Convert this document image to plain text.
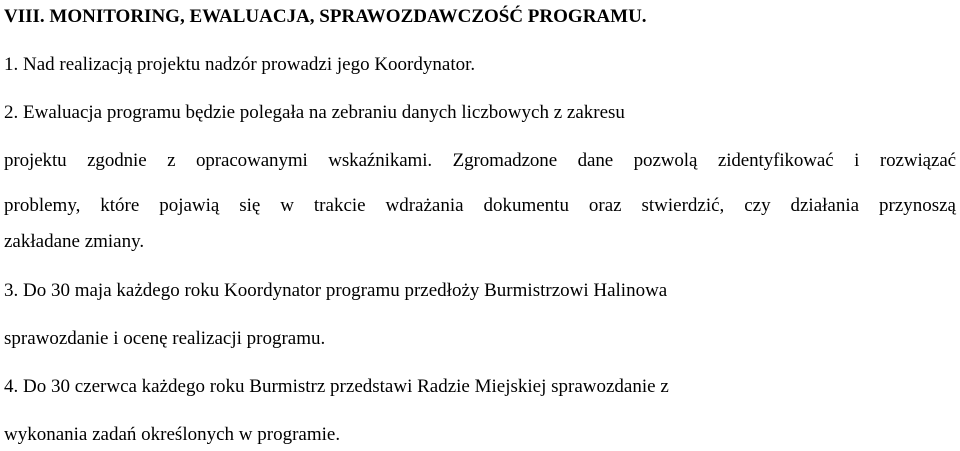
VIII. MONITORING, EWALUACJA, SPRAWOZDAWCZOŚĆ PROGRAMU.
1. Nad realizacją projektu nadzór prowadzi jego Koordynator.
2. Ewaluacja programu będzie polegała na zebraniu danych liczbowych z zakresu
projektu zgodnie z opracowanymi wskaźnikami. Zgromadzone dane pozwolą zidentyfikować i rozwiązać
problemy, które pojawią się w trakcie wdrażania dokumentu oraz stwierdzić, czy działania przynoszą
zakładane zmiany.
3. Do 30 maja każdego roku Koordynator programu przedłoży Burmistrzowi Halinowa
sprawozdanie i ocenę realizacji programu.
4. Do 30 czerwca każdego roku Burmistrz przedstawi Radzie Miejskiej sprawozdanie z
wykonania zadań określonych w programie.
